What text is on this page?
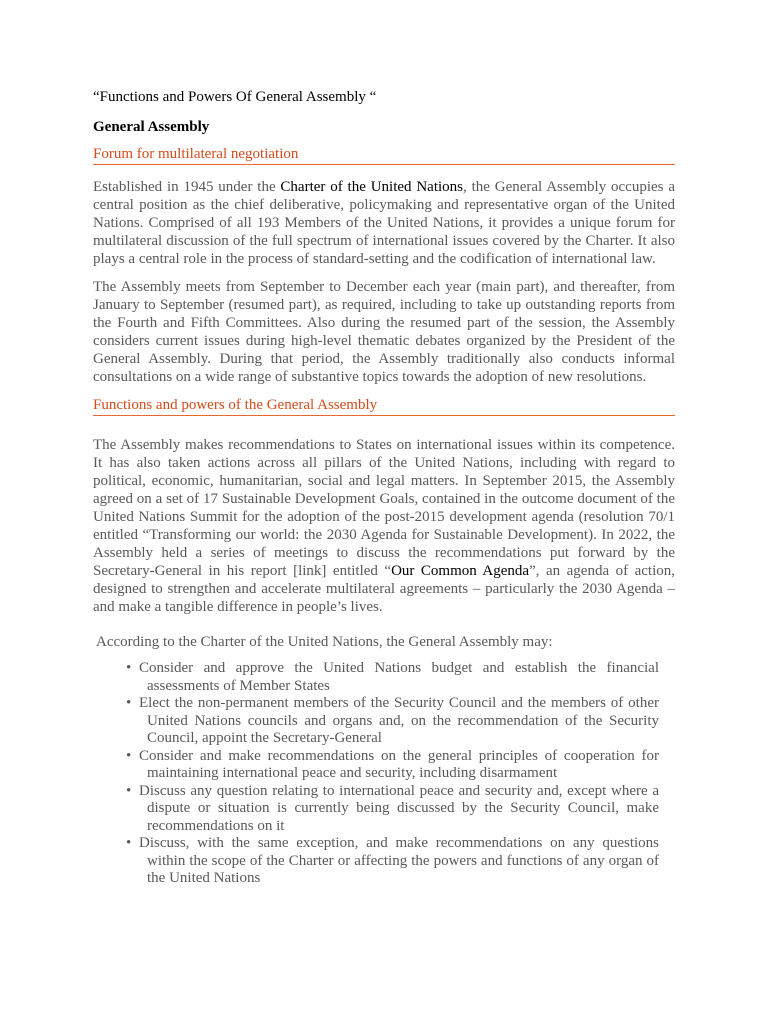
“Functions and Powers Of General Assembly “

General Assembly

Forum for multilateral negotiation

Established in 1945 under the Charter of the United Nations, the General Assembly occupies a central position as the chief deliberative, policymaking and representative organ of the United Nations. Comprised of all 193 Members of the United Nations, it provides a unique forum for multilateral discussion of the full spectrum of international issues covered by the Charter. It also plays a central role in the process of standard-setting and the codification of international law.

The Assembly meets from September to December each year (main part), and thereafter, from January to September (resumed part), as required, including to take up outstanding reports from the Fourth and Fifth Committees. Also during the resumed part of the session, the Assembly considers current issues during high-level thematic debates organized by the President of the General Assembly. During that period, the Assembly traditionally also conducts informal consultations on a wide range of substantive topics towards the adoption of new resolutions.

Functions and powers of the General Assembly

The Assembly makes recommendations to States on international issues within its competence. It has also taken actions across all pillars of the United Nations, including with regard to political, economic, humanitarian, social and legal matters. In September 2015, the Assembly agreed on a set of 17 Sustainable Development Goals, contained in the outcome document of the United Nations Summit for the adoption of the post-2015 development agenda (resolution 70/1 entitled “Transforming our world: the 2030 Agenda for Sustainable Development). In 2022, the Assembly held a series of meetings to discuss the recommendations put forward by the Secretary-General in his report [link] entitled “Our Common Agenda”, an agenda of action, designed to strengthen and accelerate multilateral agreements – particularly the 2030 Agenda – and make a tangible difference in people’s lives.

According to the Charter of the United Nations, the General Assembly may:

• Consider and approve the United Nations budget and establish the financial assessments of Member States
• Elect the non-permanent members of the Security Council and the members of other United Nations councils and organs and, on the recommendation of the Security Council, appoint the Secretary-General
• Consider and make recommendations on the general principles of cooperation for maintaining international peace and security, including disarmament
• Discuss any question relating to international peace and security and, except where a dispute or situation is currently being discussed by the Security Council, make recommendations on it
• Discuss, with the same exception, and make recommendations on any questions within the scope of the Charter or affecting the powers and functions of any organ of the United Nations
